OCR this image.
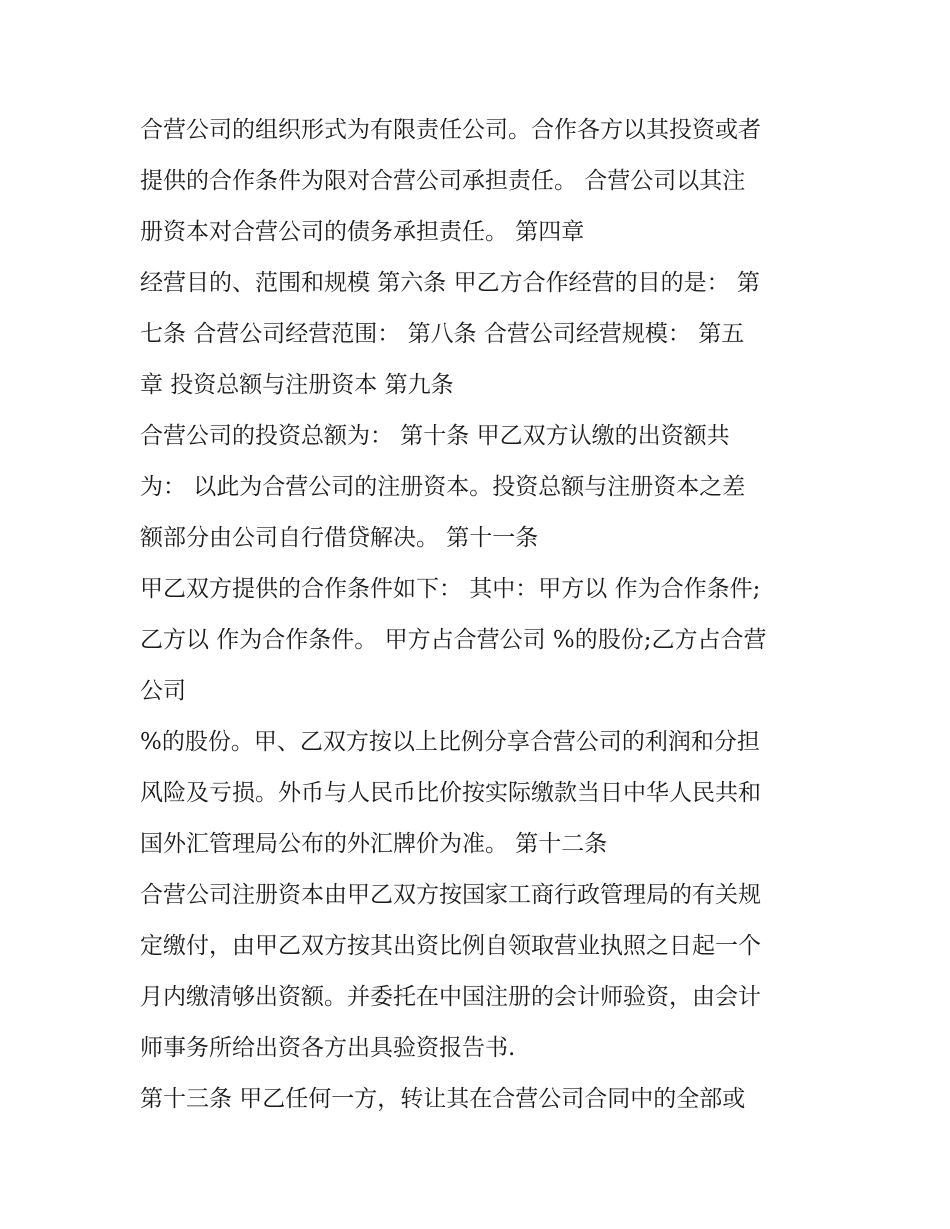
合营公司的组织形式为有限责任公司。合作各方以其投资或者
提供的合作条件为限对合营公司承担责任。 合营公司以其注
册资本对合营公司的债务承担责任。 第四章
经营目的、范围和规模 第六条 甲乙方合作经营的目的是： 第
七条 合营公司经营范围： 第八条 合营公司经营规模： 第五
章 投资总额与注册资本 第九条
合营公司的投资总额为： 第十条 甲乙双方认缴的出资额共
为： 以此为合营公司的注册资本。投资总额与注册资本之差
额部分由公司自行借贷解决。 第十一条
甲乙双方提供的合作条件如下： 其中：甲方以 作为合作条件;
乙方以 作为合作条件。 甲方占合营公司 %的股份;乙方占合营
公司
%的股份。甲、乙双方按以上比例分享合营公司的利润和分担
风险及亏损。外币与人民币比价按实际缴款当日中华人民共和
国外汇管理局公布的外汇牌价为准。 第十二条
合营公司注册资本由甲乙双方按国家工商行政管理局的有关规
定缴付，由甲乙双方按其出资比例自领取营业执照之日起一个
月内缴清够出资额。并委托在中国注册的会计师验资，由会计
师事务所给出资各方出具验资报告书.
第十三条 甲乙任何一方，转让其在合营公司合同中的全部或
